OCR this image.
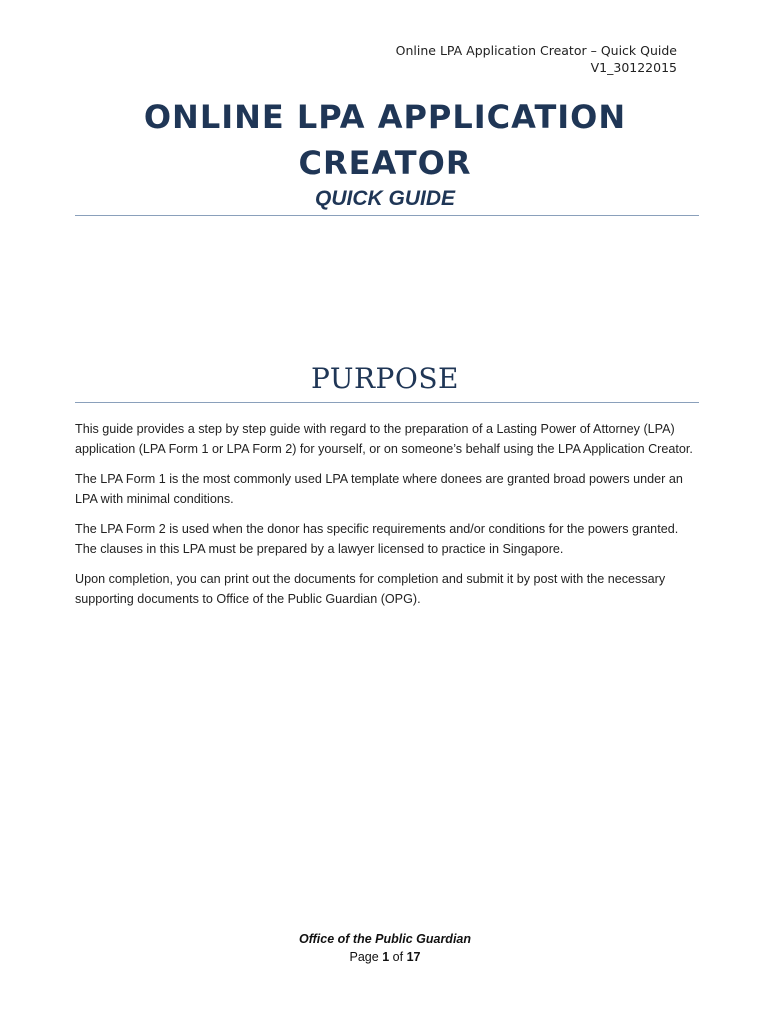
Online LPA Application Creator – Quick Quide
V1_30122015
ONLINE LPA APPLICATION
CREATOR
QUICK GUIDE
PURPOSE

This guide provides a step by step guide with regard to the preparation of a Lasting Power of Attorney (LPA) application (LPA Form 1 or LPA Form 2) for yourself, or on someone’s behalf using the LPA Application Creator.

The LPA Form 1 is the most commonly used LPA template where donees are granted broad powers under an LPA with minimal conditions.

The LPA Form 2 is used when the donor has specific requirements and/or conditions for the powers granted. The clauses in this LPA must be prepared by a lawyer licensed to practice in Singapore.

Upon completion, you can print out the documents for completion and submit it by post with the necessary supporting documents to Office of the Public Guardian (OPG).

Office of the Public Guardian
Page 1 of 17
